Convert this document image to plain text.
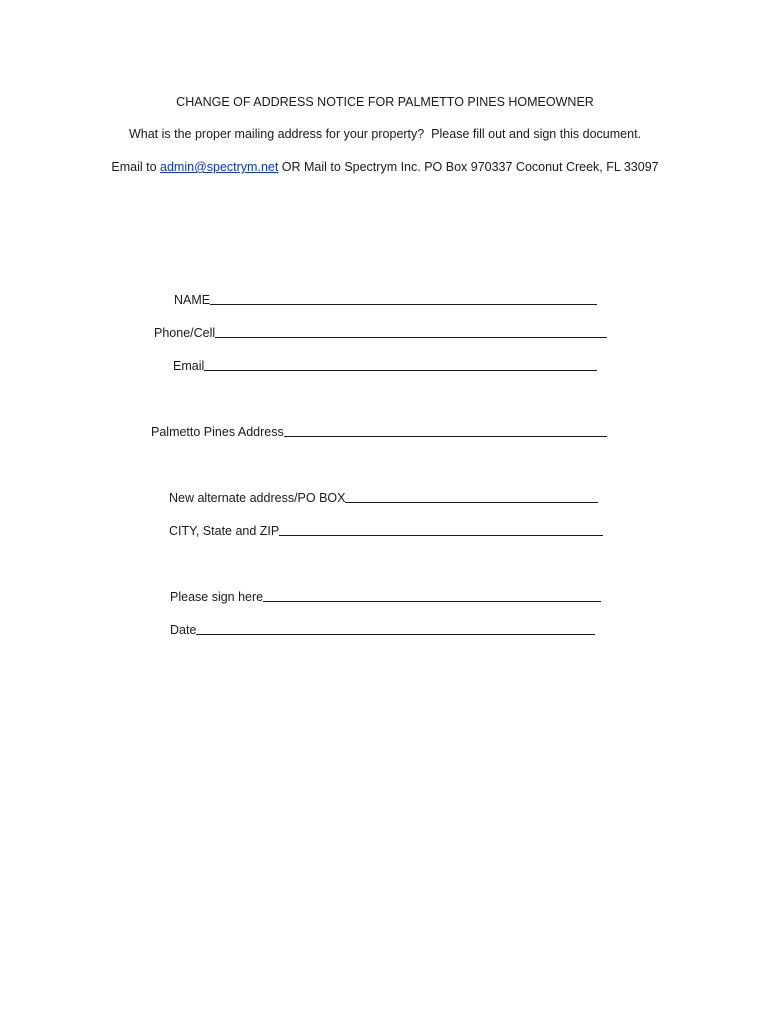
CHANGE OF ADDRESS NOTICE FOR PALMETTO PINES HOMEOWNER
What is the proper mailing address for your property?  Please fill out and sign this document.
Email to admin@spectrym.net OR Mail to Spectrym Inc. PO Box 970337 Coconut Creek, FL 33097
NAME
Phone/Cell
Email
Palmetto Pines Address
New alternate address/PO BOX
CITY, State and ZIP
Please sign here
Date
